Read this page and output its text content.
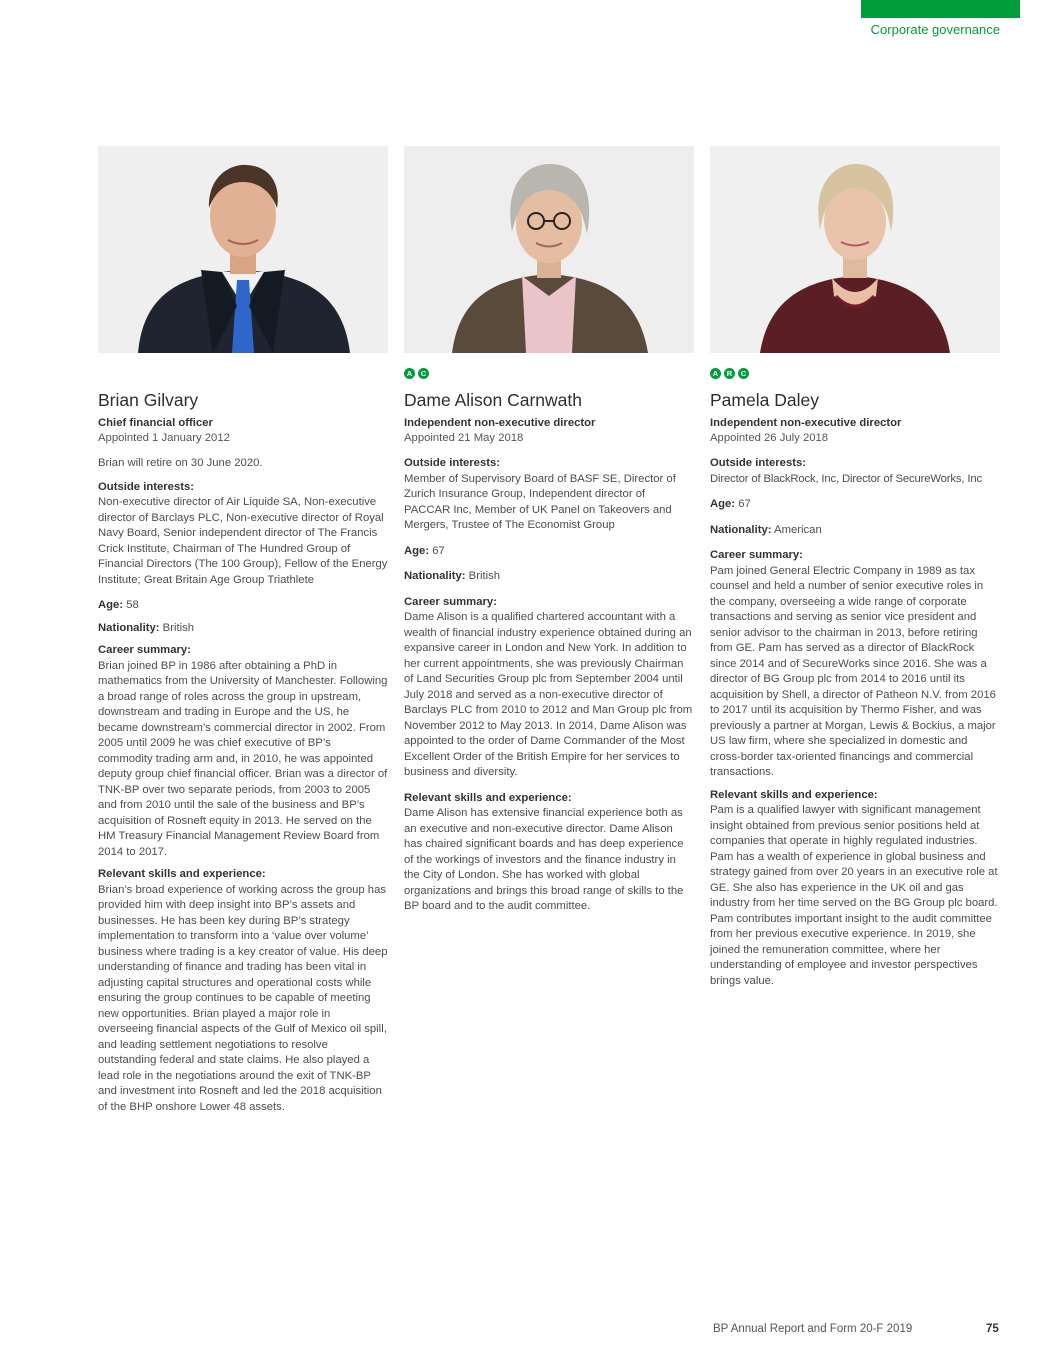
Corporate governance
Brian Gilvary
Chief financial officer
Appointed 1 January 2012
Brian will retire on 30 June 2020.
Outside interests:
Non-executive director of Air Liquide SA, Non-executive director of Barclays PLC, Non-executive director of Royal Navy Board, Senior independent director of The Francis Crick Institute, Chairman of The Hundred Group of Financial Directors (The 100 Group), Fellow of the Energy Institute; Great Britain Age Group Triathlete
Age: 58
Nationality: British
Career summary:
Brian joined BP in 1986 after obtaining a PhD in mathematics from the University of Manchester. Following a broad range of roles across the group in upstream, downstream and trading in Europe and the US, he became downstream’s commercial director in 2002. From 2005 until 2009 he was chief executive of BP’s commodity trading arm and, in 2010, he was appointed deputy group chief financial officer. Brian was a director of TNK-BP over two separate periods, from 2003 to 2005 and from 2010 until the sale of the business and BP’s acquisition of Rosneft equity in 2013. He served on the HM Treasury Financial Management Review Board from 2014 to 2017.
Relevant skills and experience:
Brian’s broad experience of working across the group has provided him with deep insight into BP’s assets and businesses. He has been key during BP’s strategy implementation to transform into a ‘value over volume’ business where trading is a key creator of value. His deep understanding of finance and trading has been vital in adjusting capital structures and operational costs while ensuring the group continues to be capable of meeting new opportunities. Brian played a major role in overseeing financial aspects of the Gulf of Mexico oil spill, and leading settlement negotiations to resolve outstanding federal and state claims. He also played a lead role in the negotiations around the exit of TNK-BP and investment into Rosneft and led the 2018 acquisition of the BHP onshore Lower 48 assets.
A	C
Dame Alison Carnwath
Independent non-executive director
Appointed 21 May 2018
Outside interests:
Member of Supervisory Board of BASF SE, Director of Zurich Insurance Group, Independent director of PACCAR Inc, Member of UK Panel on Takeovers and Mergers, Trustee of The Economist Group
Age: 67
Nationality: British
Career summary:
Dame Alison is a qualified chartered accountant with a wealth of financial industry experience obtained during an expansive career in London and New York. In addition to her current appointments, she was previously Chairman of Land Securities Group plc from September 2004 until July 2018 and served as a non-executive director of Barclays PLC from 2010 to 2012 and Man Group plc from November 2012 to May 2013. In 2014, Dame Alison was appointed to the order of Dame Commander of the Most Excellent Order of the British Empire for her services to business and diversity.
Relevant skills and experience:
Dame Alison has extensive financial experience both as an executive and non-executive director. Dame Alison has chaired significant boards and has deep experience of the workings of investors and the finance industry in the City of London. She has worked with global organizations and brings this broad range of skills to the BP board and to the audit committee.
A	R	C
Pamela Daley
Independent non-executive director
Appointed 26 July 2018
Outside interests:
Director of BlackRock, Inc, Director of SecureWorks, Inc
Age: 67
Nationality: American
Career summary:
Pam joined General Electric Company in 1989 as tax counsel and held a number of senior executive roles in the company, overseeing a wide range of corporate transactions and serving as senior vice president and senior advisor to the chairman in 2013, before retiring from GE. Pam has served as a director of BlackRock since 2014 and of SecureWorks since 2016. She was a director of BG Group plc from 2014 to 2016 until its acquisition by Shell, a director of Patheon N.V. from 2016 to 2017 until its acquisition by Thermo Fisher, and was previously a partner at Morgan, Lewis & Bockius, a major US law firm, where she specialized in domestic and cross-border tax-oriented financings and commercial transactions.
Relevant skills and experience:
Pam is a qualified lawyer with significant management insight obtained from previous senior positions held at companies that operate in highly regulated industries. Pam has a wealth of experience in global business and strategy gained from over 20 years in an executive role at GE. She also has experience in the UK oil and gas industry from her time served on the BG Group plc board. Pam contributes important insight to the audit committee from her previous executive experience. In 2019, she joined the remuneration committee, where her understanding of employee and investor perspectives brings value.
BP Annual Report and Form 20-F 2019	75
